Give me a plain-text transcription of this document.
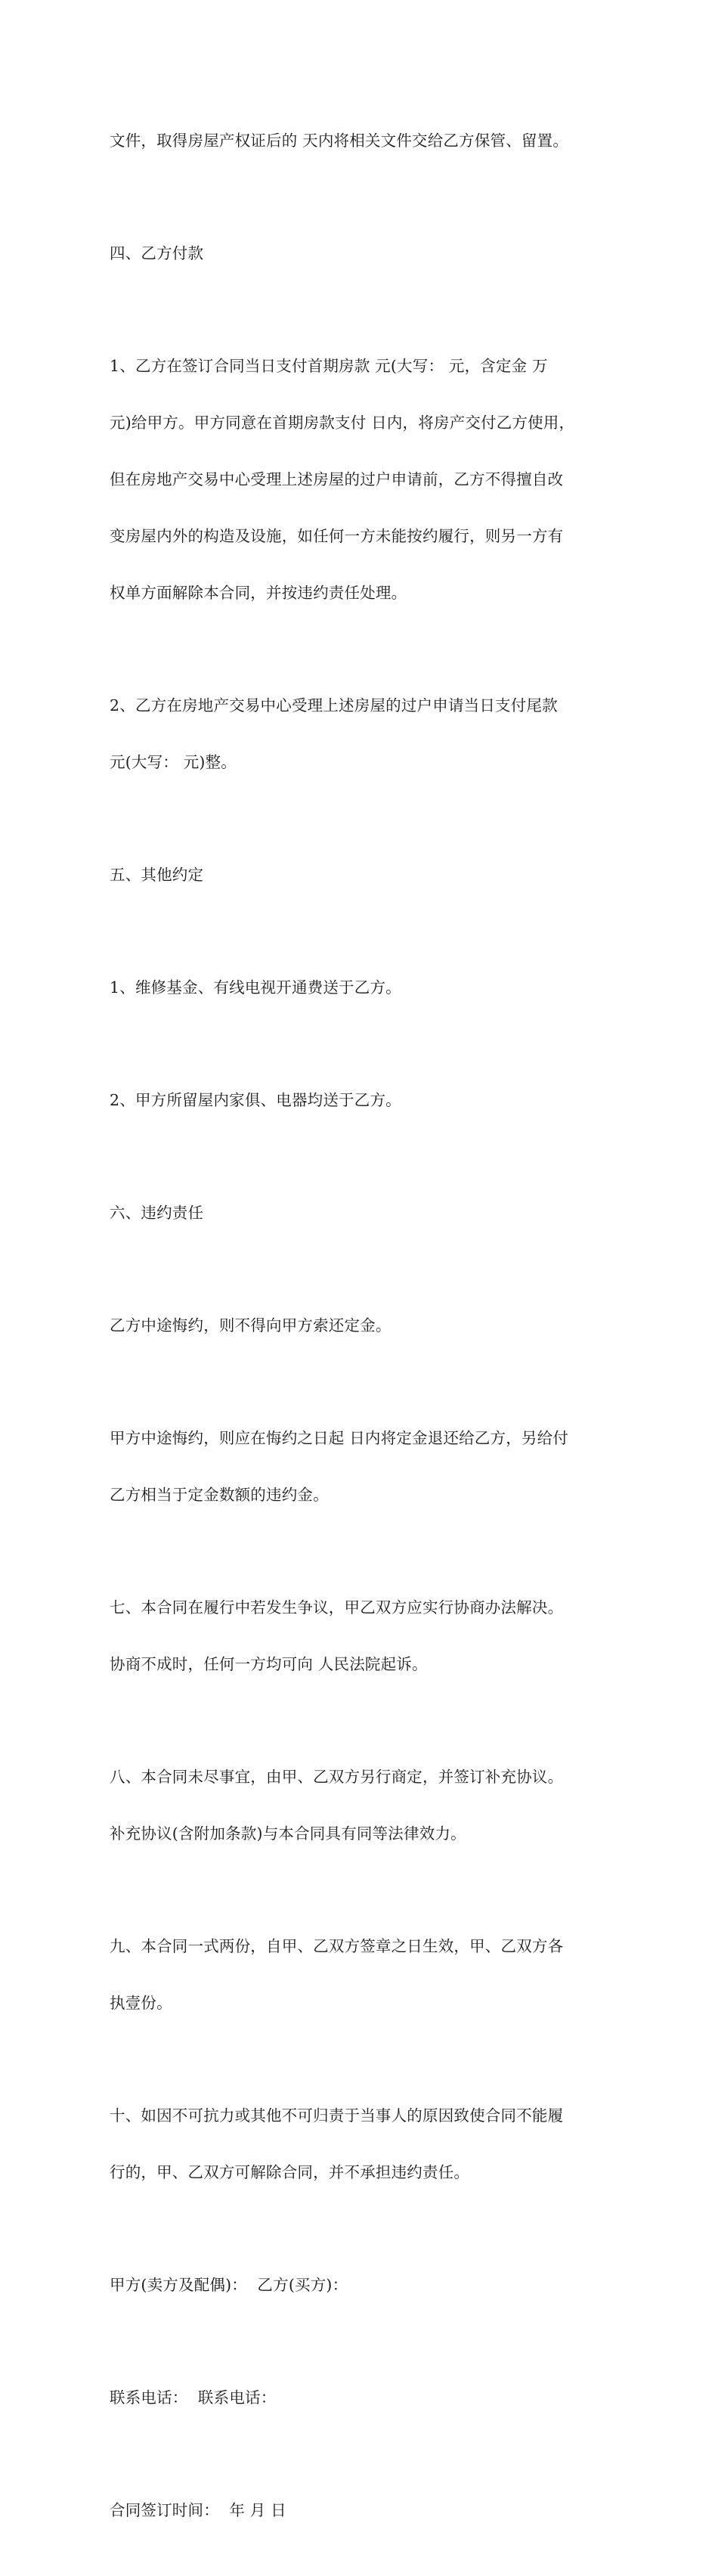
文件，取得房屋产权证后的 天内将相关文件交给乙方保管、留置。

四、乙方付款

1、乙方在签订合同当日支付首期房款 元(大写： 元，含定金 万

元)给甲方。甲方同意在首期房款支付 日内，将房产交付乙方使用，

但在房地产交易中心受理上述房屋的过户申请前，乙方不得擅自改

变房屋内外的构造及设施，如任何一方未能按约履行，则另一方有

权单方面解除本合同，并按违约责任处理。

2、乙方在房地产交易中心受理上述房屋的过户申请当日支付尾款

元(大写： 元)整。

五、其他约定

1、维修基金、有线电视开通费送于乙方。

2、甲方所留屋内家俱、电器均送于乙方。

六、违约责任

乙方中途悔约，则不得向甲方索还定金。

甲方中途悔约，则应在悔约之日起 日内将定金退还给乙方，另给付

乙方相当于定金数额的违约金。

七、本合同在履行中若发生争议，甲乙双方应实行协商办法解决。

协商不成时，任何一方均可向 人民法院起诉。

八、本合同未尽事宜，由甲、乙双方另行商定，并签订补充协议。

补充协议(含附加条款)与本合同具有同等法律效力。

九、本合同一式两份，自甲、乙双方签章之日生效，甲、乙双方各

执壹份。

十、如因不可抗力或其他不可归责于当事人的原因致使合同不能履

行的，甲、乙双方可解除合同，并不承担违约责任。

甲方(卖方及配偶)：  乙方(买方)：

联系电话：  联系电话：

合同签订时间：  年 月 日
